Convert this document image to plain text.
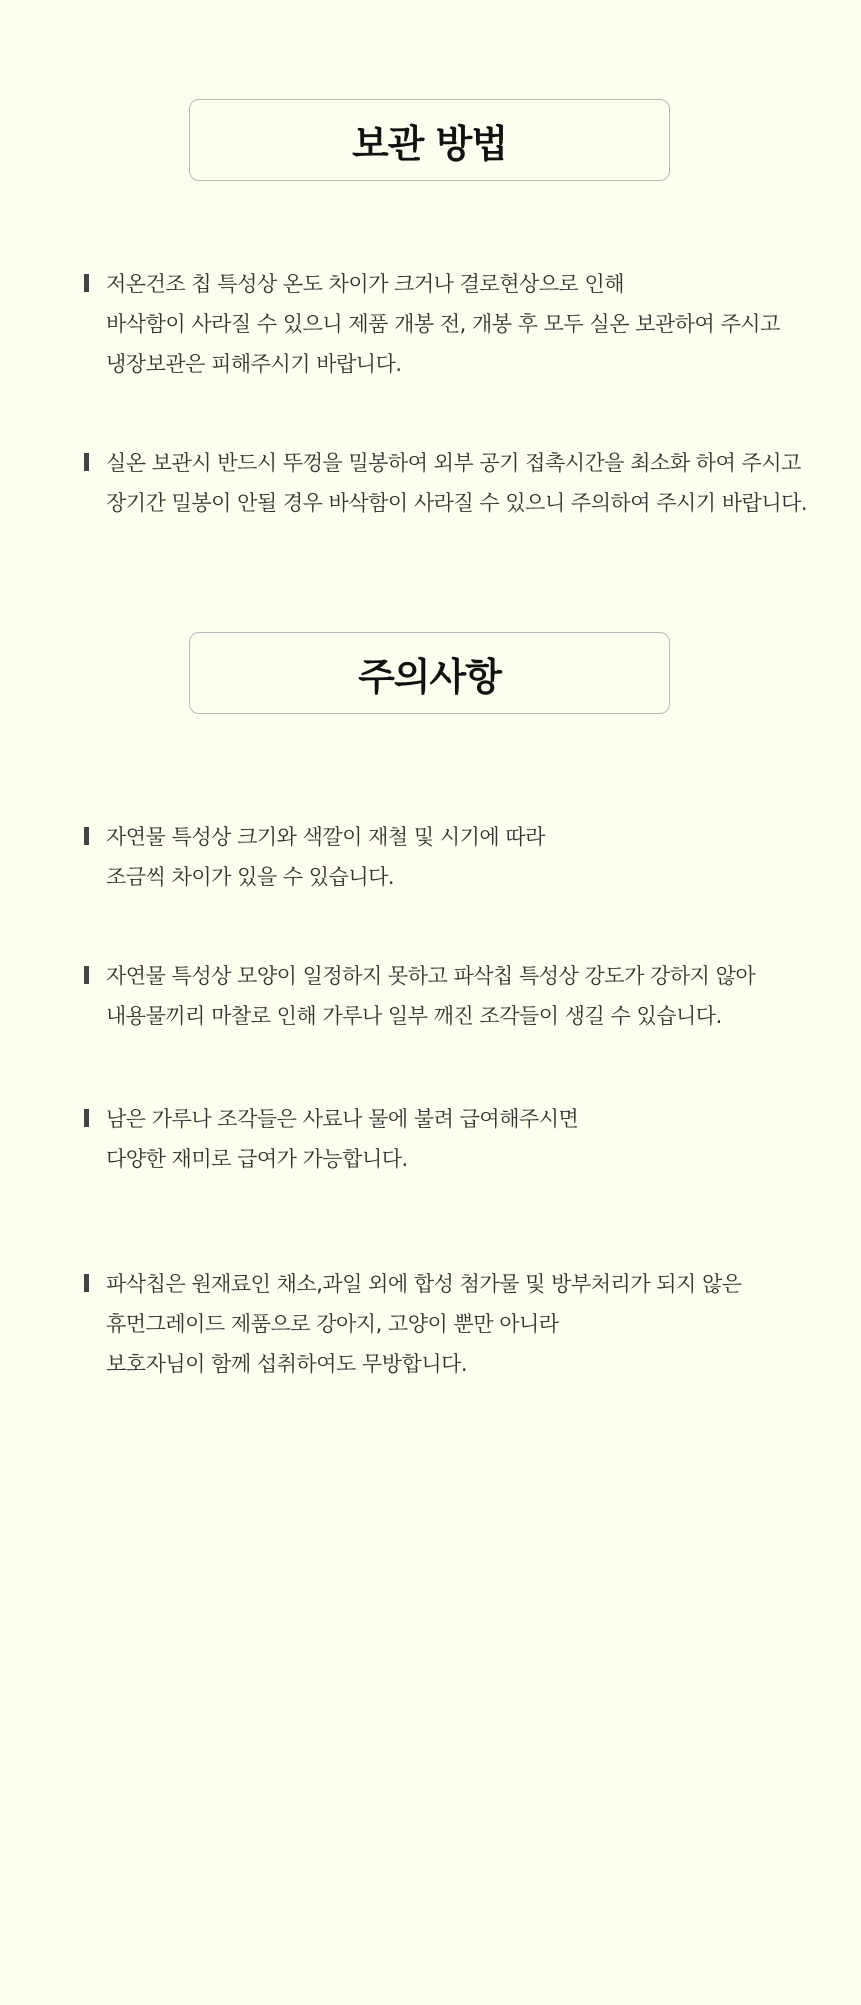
보관 방법
저온건조 칩 특성상 온도 차이가 크거나 결로현상으로 인해
바삭함이 사라질 수 있으니 제품 개봉 전, 개봉 후 모두 실온 보관하여 주시고
냉장보관은 피해주시기 바랍니다.
실온 보관시 반드시 뚜껑을 밀봉하여 외부 공기 접촉시간을 최소화 하여 주시고
장기간 밀봉이 안될 경우 바삭함이 사라질 수 있으니 주의하여 주시기 바랍니다.
주의사항
자연물 특성상 크기와 색깔이 재철 및 시기에 따라
조금씩 차이가 있을 수 있습니다.
자연물 특성상 모양이 일정하지 못하고 파삭칩 특성상 강도가 강하지 않아
내용물끼리 마찰로 인해 가루나 일부 깨진 조각들이 생길 수 있습니다.
남은 가루나 조각들은 사료나 물에 불려 급여해주시면
다양한 재미로 급여가 가능합니다.
파삭칩은 원재료인 채소,과일 외에 합성 첨가물 및 방부처리가 되지 않은
휴먼그레이드 제품으로 강아지, 고양이 뿐만 아니라
보호자님이 함께 섭취하여도 무방합니다.
